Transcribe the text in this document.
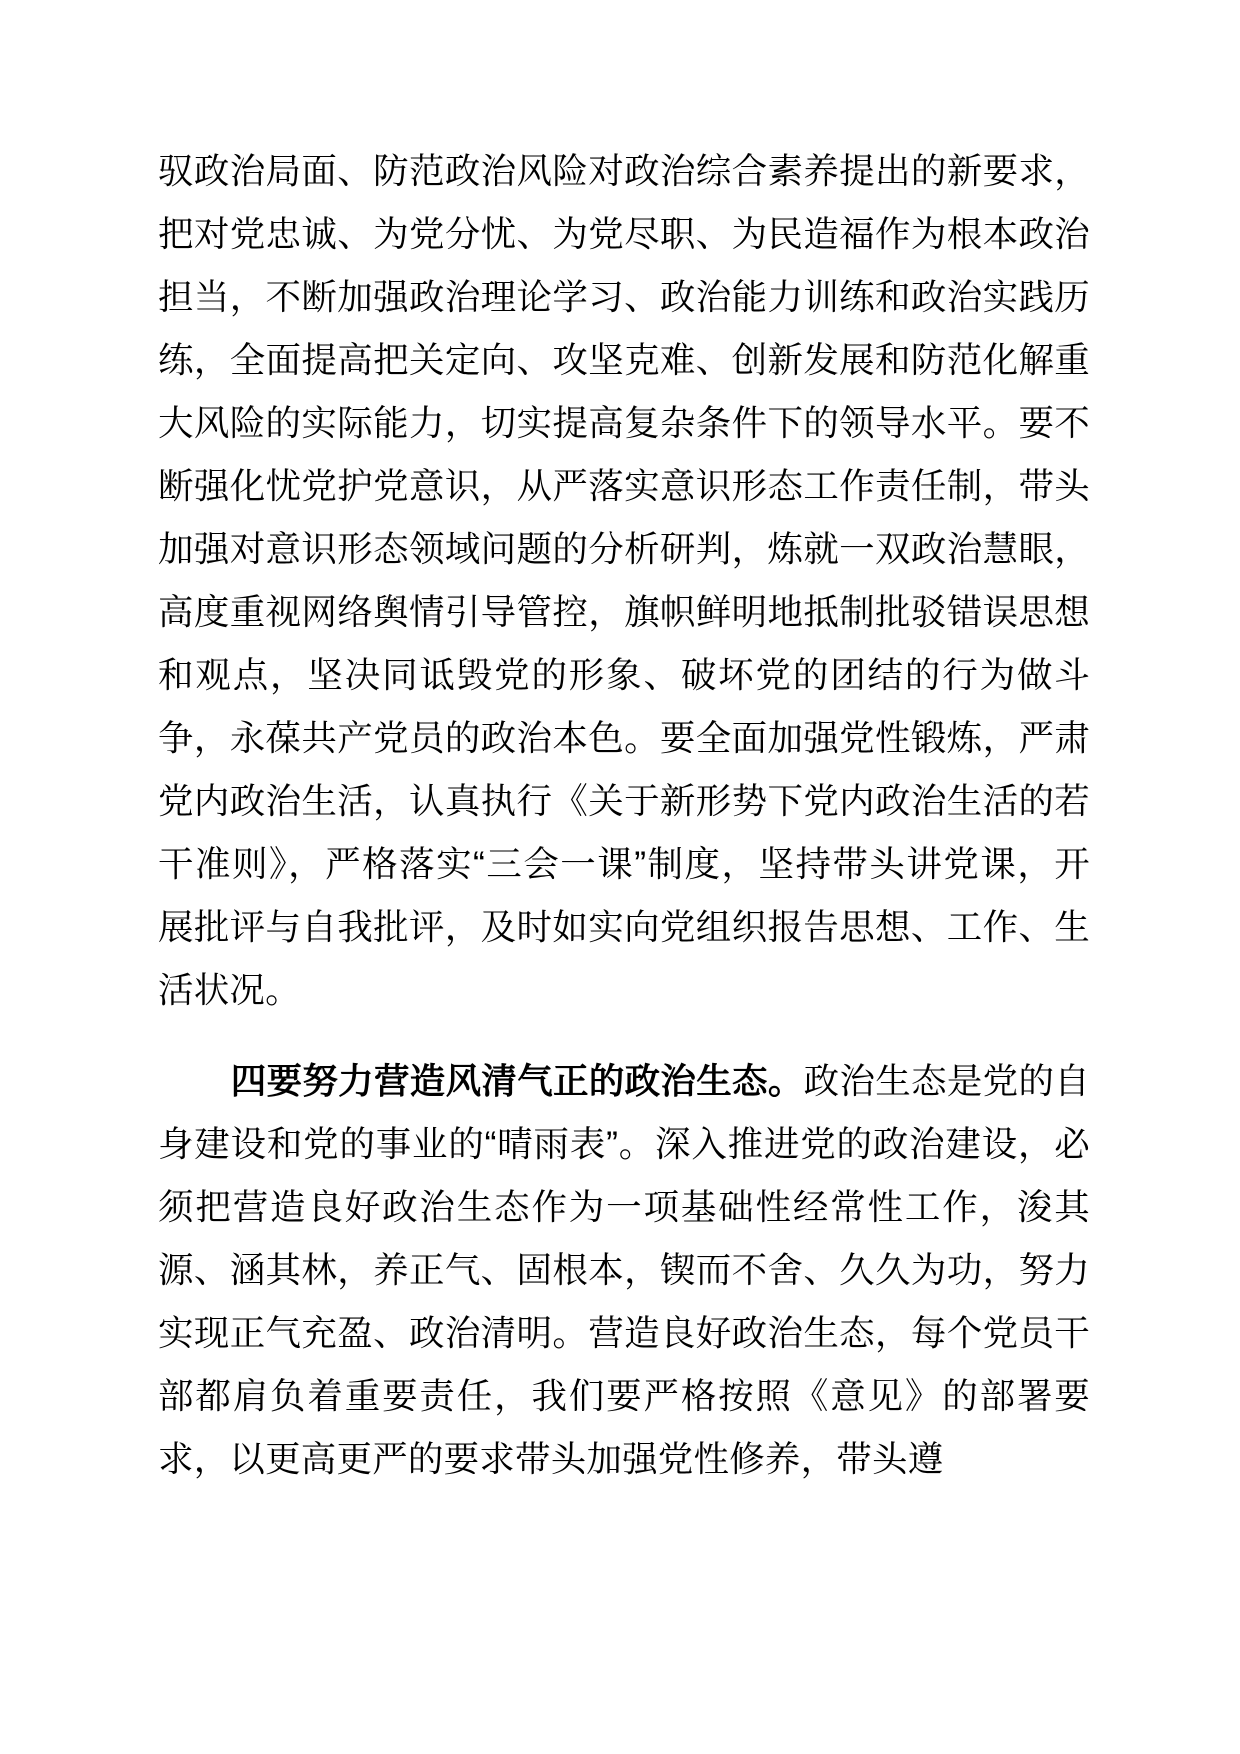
驭政治局面、防范政治风险对政治综合素养提出的新要求，把对党忠诚、为党分忧、为党尽职、为民造福作为根本政治担当，不断加强政治理论学习、政治能力训练和政治实践历练，全面提高把关定向、攻坚克难、创新发展和防范化解重大风险的实际能力，切实提高复杂条件下的领导水平。要不断强化忧党护党意识，从严落实意识形态工作责任制，带头加强对意识形态领域问题的分析研判，炼就一双政治慧眼，高度重视网络舆情引导管控，旗帜鲜明地抵制批驳错误思想和观点，坚决同诋毁党的形象、破坏党的团结的行为做斗争，永葆共产党员的政治本色。要全面加强党性锻炼，严肃党内政治生活，认真执行《关于新形势下党内政治生活的若干准则》，严格落实“三会一课”制度，坚持带头讲党课，开展批评与自我批评，及时如实向党组织报告思想、工作、生活状况。

四要努力营造风清气正的政治生态。政治生态是党的自身建设和党的事业的“晴雨表”。深入推进党的政治建设，必须把营造良好政治生态作为一项基础性经常性工作，浚其源、涵其林，养正气、固根本，锲而不舍、久久为功，努力实现正气充盈、政治清明。营造良好政治生态，每个党员干部都肩负着重要责任，我们要严格按照《意见》的部署要求，以更高更严的要求带头加强党性修养，带头遵
